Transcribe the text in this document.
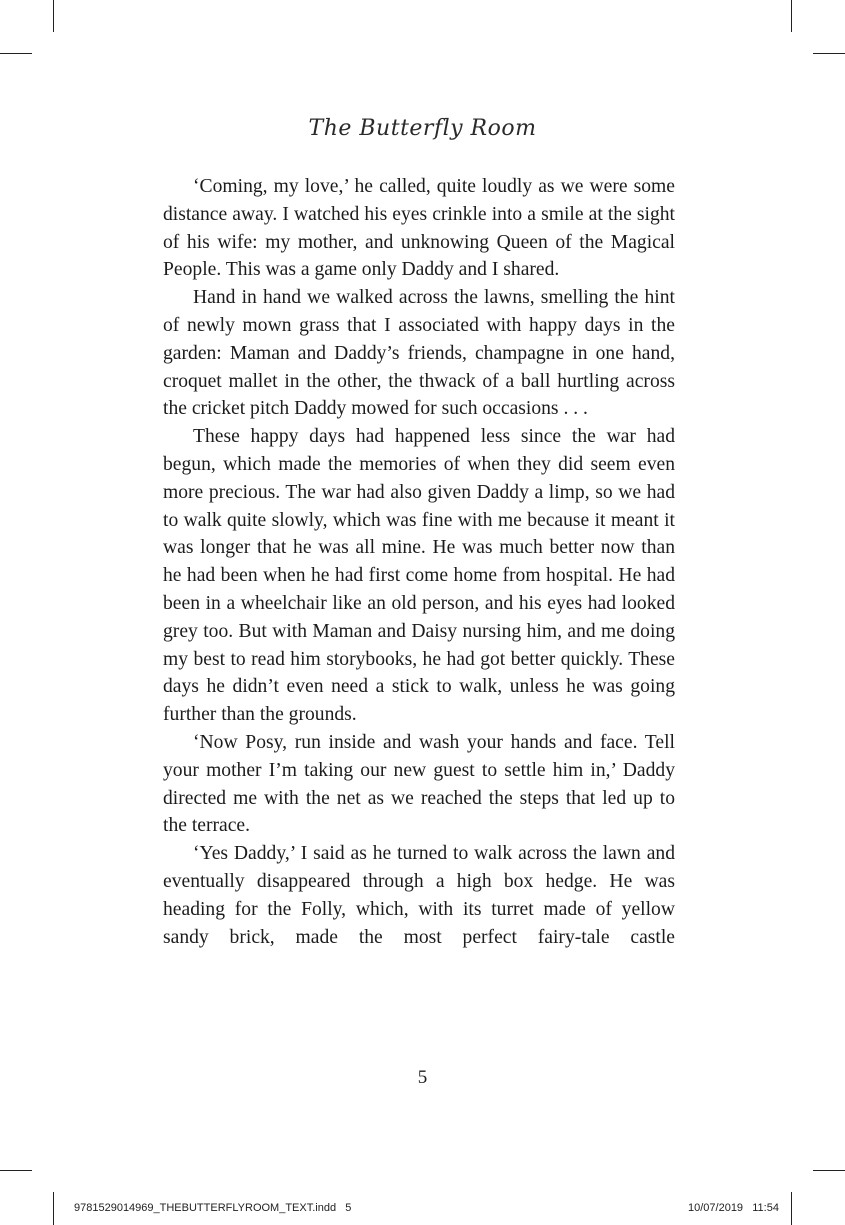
The Butterfly Room

‘Coming, my love,’ he called, quite loudly as we were some distance away. I watched his eyes crinkle into a smile at the sight of his wife: my mother, and unknowing Queen of the Magical People. This was a game only Daddy and I shared.

Hand in hand we walked across the lawns, smelling the hint of newly mown grass that I associated with happy days in the garden: Maman and Daddy’s friends, champagne in one hand, croquet mallet in the other, the thwack of a ball hurtling across the cricket pitch Daddy mowed for such occasions . . .

These happy days had happened less since the war had begun, which made the memories of when they did seem even more precious. The war had also given Daddy a limp, so we had to walk quite slowly, which was fine with me because it meant it was longer that he was all mine. He was much better now than he had been when he had first come home from hospital. He had been in a wheelchair like an old person, and his eyes had looked grey too. But with Maman and Daisy nursing him, and me doing my best to read him storybooks, he had got better quickly. These days he didn’t even need a stick to walk, unless he was going further than the grounds.

‘Now Posy, run inside and wash your hands and face. Tell your mother I’m taking our new guest to settle him in,’ Daddy directed me with the net as we reached the steps that led up to the terrace.

‘Yes Daddy,’ I said as he turned to walk across the lawn and eventually disappeared through a high box hedge. He was heading for the Folly, which, with its turret made of yellow sandy brick, made the most perfect fairy-tale castle

5
9781529014969_THEBUTTERFLYROOM_TEXT.indd   5	10/07/2019   11:54
